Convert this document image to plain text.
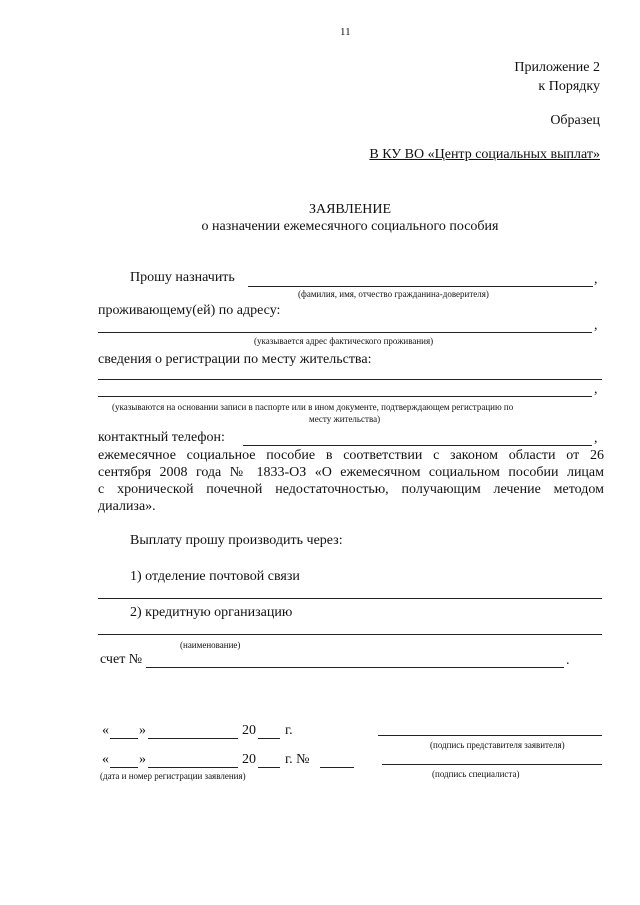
11
Приложение 2
к Порядку
Образец
В КУ ВО «Центр социальных выплат»
ЗАЯВЛЕНИЕ
о назначении ежемесячного социального пособия
Прошу назначить	,
(фамилия, имя, отчество гражданина-доверителя)
проживающему(ей) по адресу:
,
(указывается адрес фактического проживания)
сведения о регистрации по месту жительства:
,
(указываются на основании записи в паспорте или в ином документе, подтверждающем регистрацию по
месту жительства)
контактный телефон:	,
ежемесячное социальное пособие в соответствии с законом области от 26
сентября 2008 года № 1833-ОЗ «О ежемесячном социальном пособии лицам
с хронической почечной недостаточностью, получающим лечение методом
диализа».
Выплату прошу производить через:
1) отделение почтовой связи
2) кредитную организацию
(наименование)
счет №	.
« »	20 г.
(подпись представителя заявителя)
« »	20 г. №
(дата и номер регистрации заявления)	(подпись специалиста)
